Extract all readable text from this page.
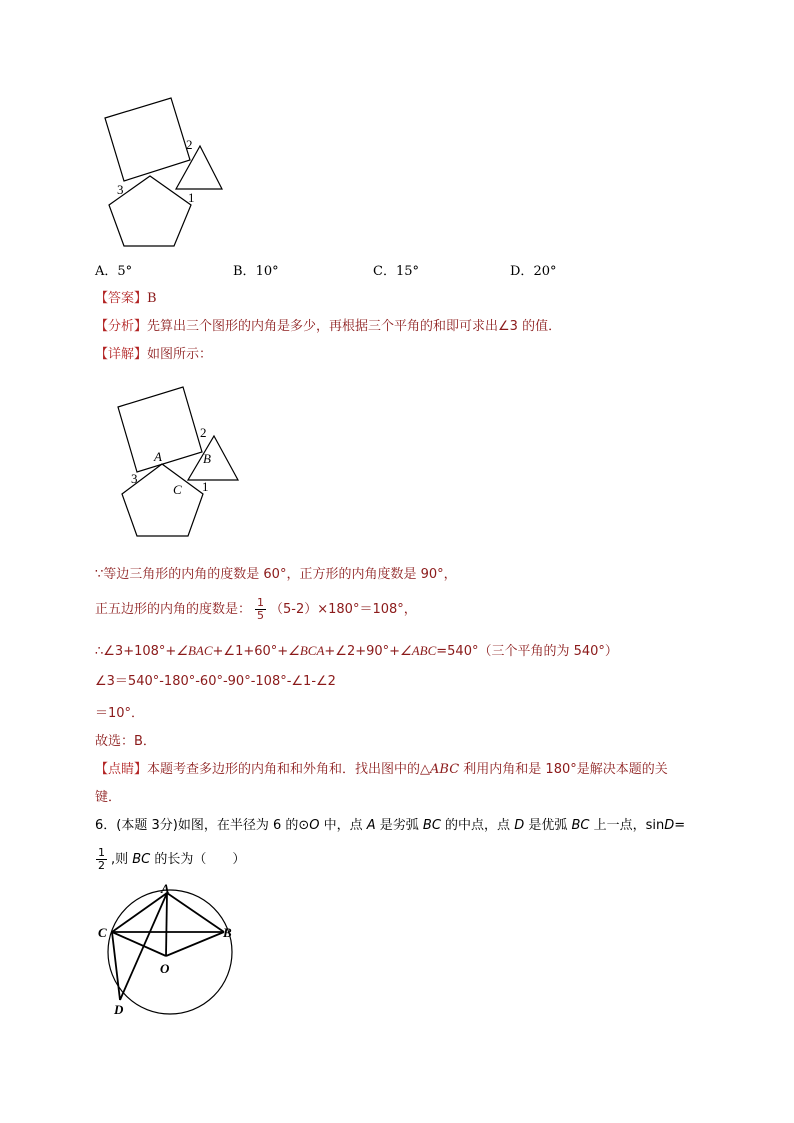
2
3
1
A．5°	B．10°	C．15°	D．20°
【答案】B
【分析】先算出三个图形的内角是多少，再根据三个平角的和即可求出∠3 的值．
【详解】如图所示：
2
A	B
3
C 1
∵等边三角形的内角的度数是 60°，正方形的内角度数是 90°，
正五边形的内角的度数是： $\frac{1}{5} (5-2)\times 180^\circ=108^\circ$，
∴∠3+108°+∠BAC+∠1+60°+∠BCA+∠2+90°+∠ABC=540°（三个平角的为 540°）
∠3＝540°-180°-60°-90°-108°-∠1-∠2
＝10°．
故选：B．
【点睛】本题考查多边形的内角和和外角和．找出图中的△ABC 利用内角和是 180°是解决本题的关
键．
6．(本题 3分)如图，在半径为 6 的⊙O 中，点 A 是劣弧 BC 的中点，点 D 是优弧 BC 上一点，sinD=
$\frac{1}{2}$ ,则 BC 的长为（　　）
A
C	B
O
D
